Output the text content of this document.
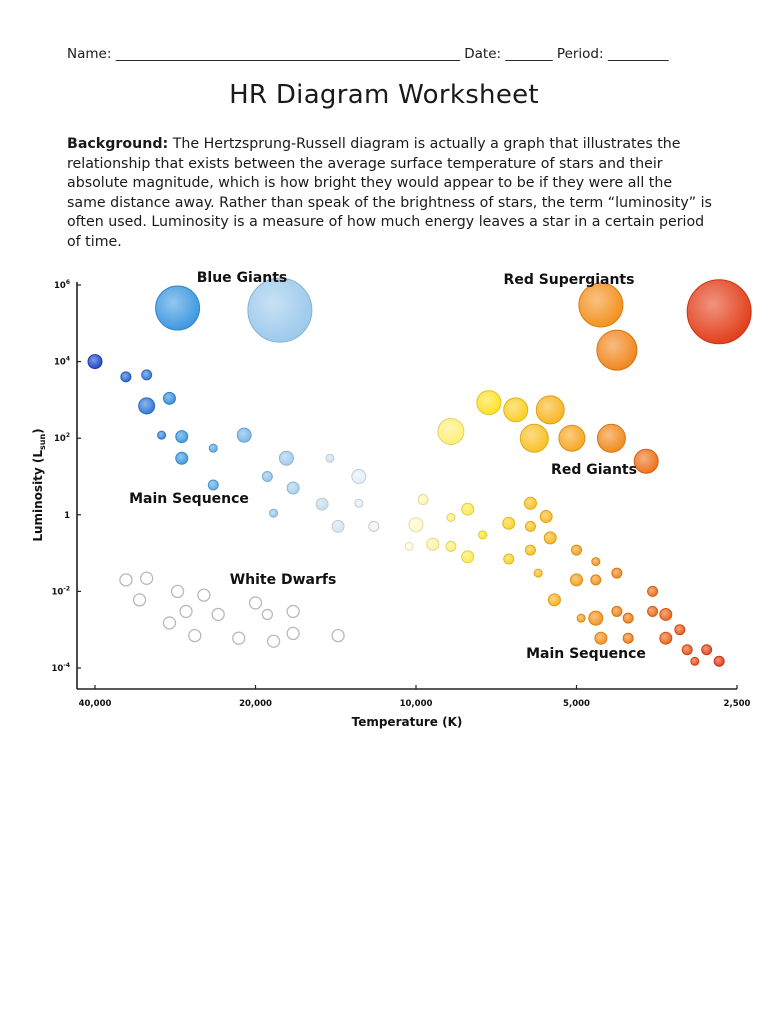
Name: ___________________________________________________ Date: _______ Period: _________
HR Diagram Worksheet
Background: The Hertzsprung-Russell diagram is actually a graph that illustrates the relationship that exists between the average surface temperature of stars and their absolute magnitude, which is how bright they would appear to be if they were all the same distance away. Rather than speak of the brightness of stars, the term “luminosity” is often used. Luminosity is a measure of how much energy leaves a star in a certain period of time.
$10^6$
$10^4$
$10^2$
1
$10^{-2}$
$10^{-4}$
40,000	20,000	10,000	5,000	2,500
Blue Giants	Red Supergiants
Red Giants
Main Sequence
White Dwarfs
Main Sequence
Temperature (K)
Luminosity $(L_{sun})$
